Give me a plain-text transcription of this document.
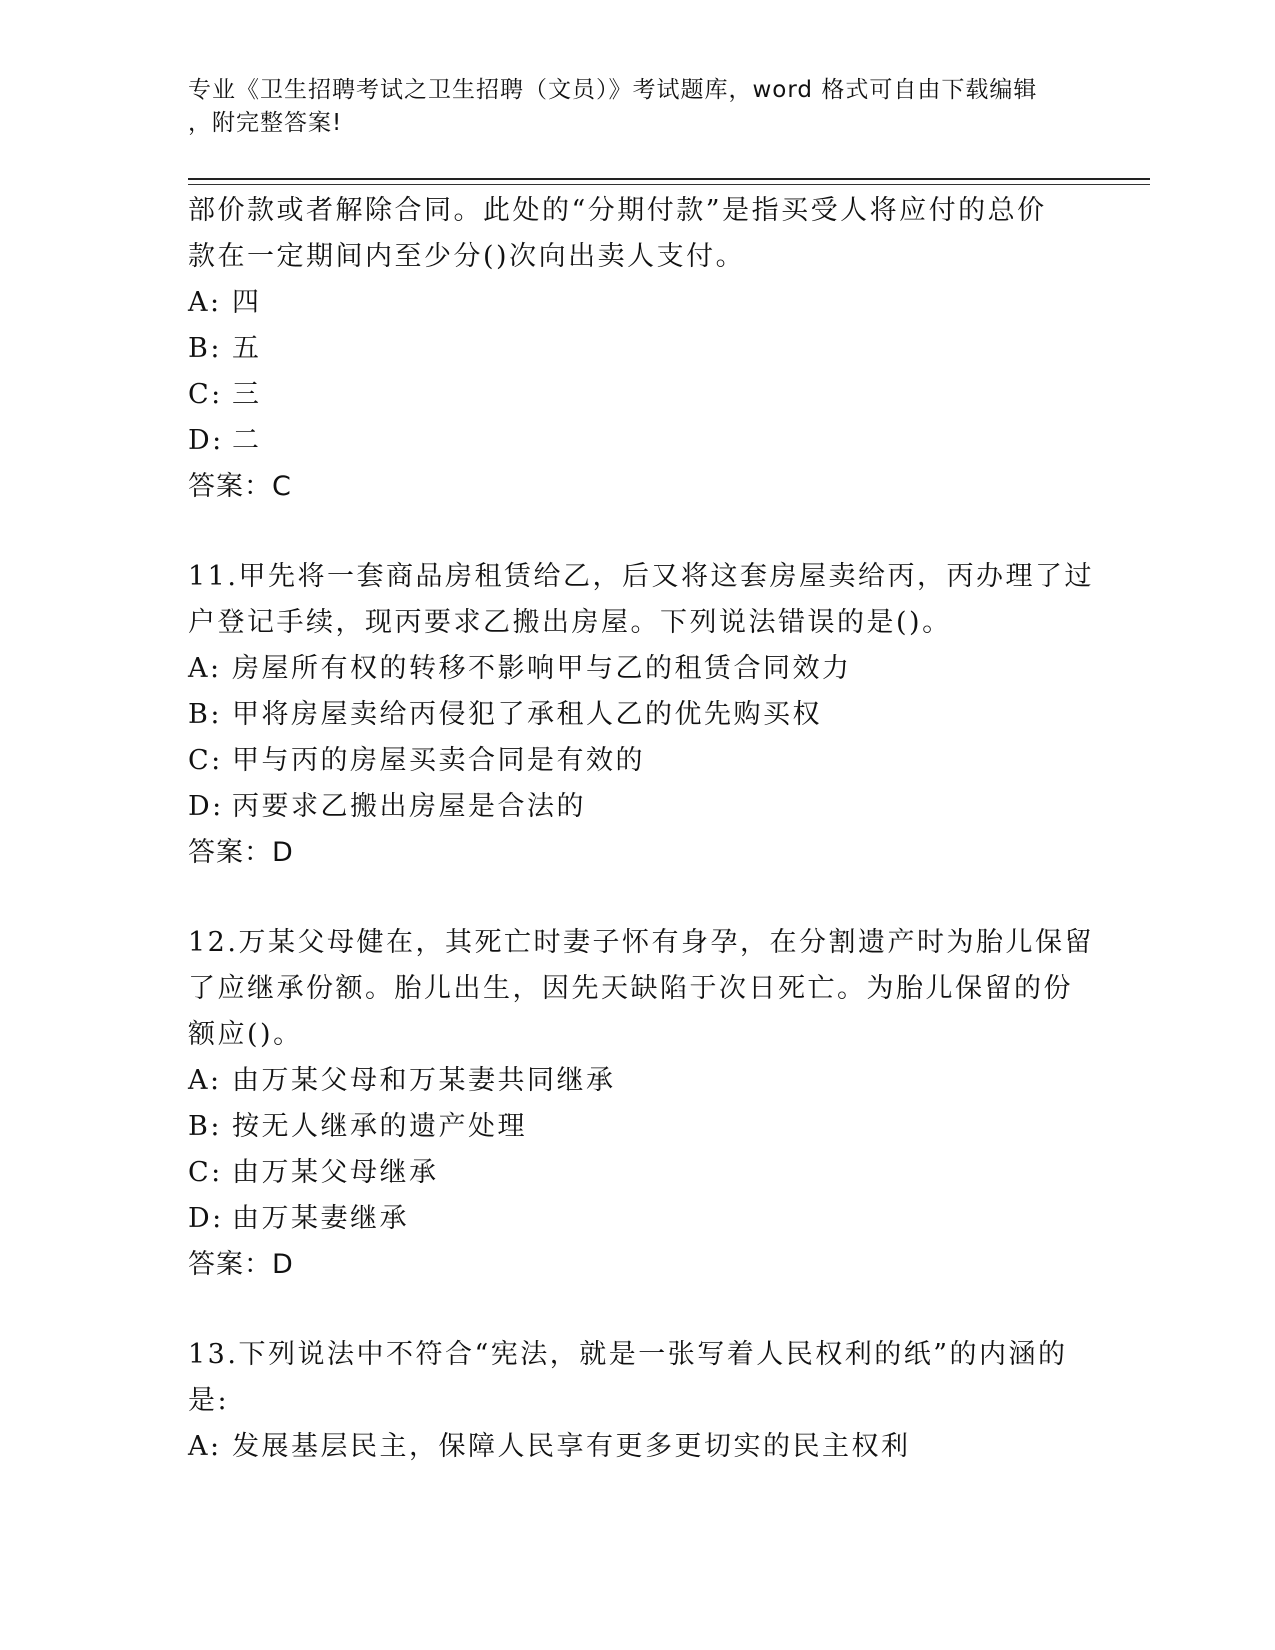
专业《卫生招聘考试之卫生招聘（文员）》考试题库，word 格式可自由下载编辑
，附完整答案!
部价款或者解除合同。此处的“分期付款”是指买受人将应付的总价
款在一定期间内至少分()次向出卖人支付。
A: 四
B: 五
C: 三
D: 二
答案：C
11.甲先将一套商品房租赁给乙，后又将这套房屋卖给丙，丙办理了过
户登记手续，现丙要求乙搬出房屋。下列说法错误的是()。
A: 房屋所有权的转移不影响甲与乙的租赁合同效力
B: 甲将房屋卖给丙侵犯了承租人乙的优先购买权
C: 甲与丙的房屋买卖合同是有效的
D: 丙要求乙搬出房屋是合法的
答案：D
12.万某父母健在，其死亡时妻子怀有身孕，在分割遗产时为胎儿保留
了应继承份额。胎儿出生，因先天缺陷于次日死亡。为胎儿保留的份
额应()。
A: 由万某父母和万某妻共同继承
B: 按无人继承的遗产处理
C: 由万某父母继承
D: 由万某妻继承
答案：D
13.下列说法中不符合“宪法，就是一张写着人民权利的纸”的内涵的
是:
A: 发展基层民主，保障人民享有更多更切实的民主权利
